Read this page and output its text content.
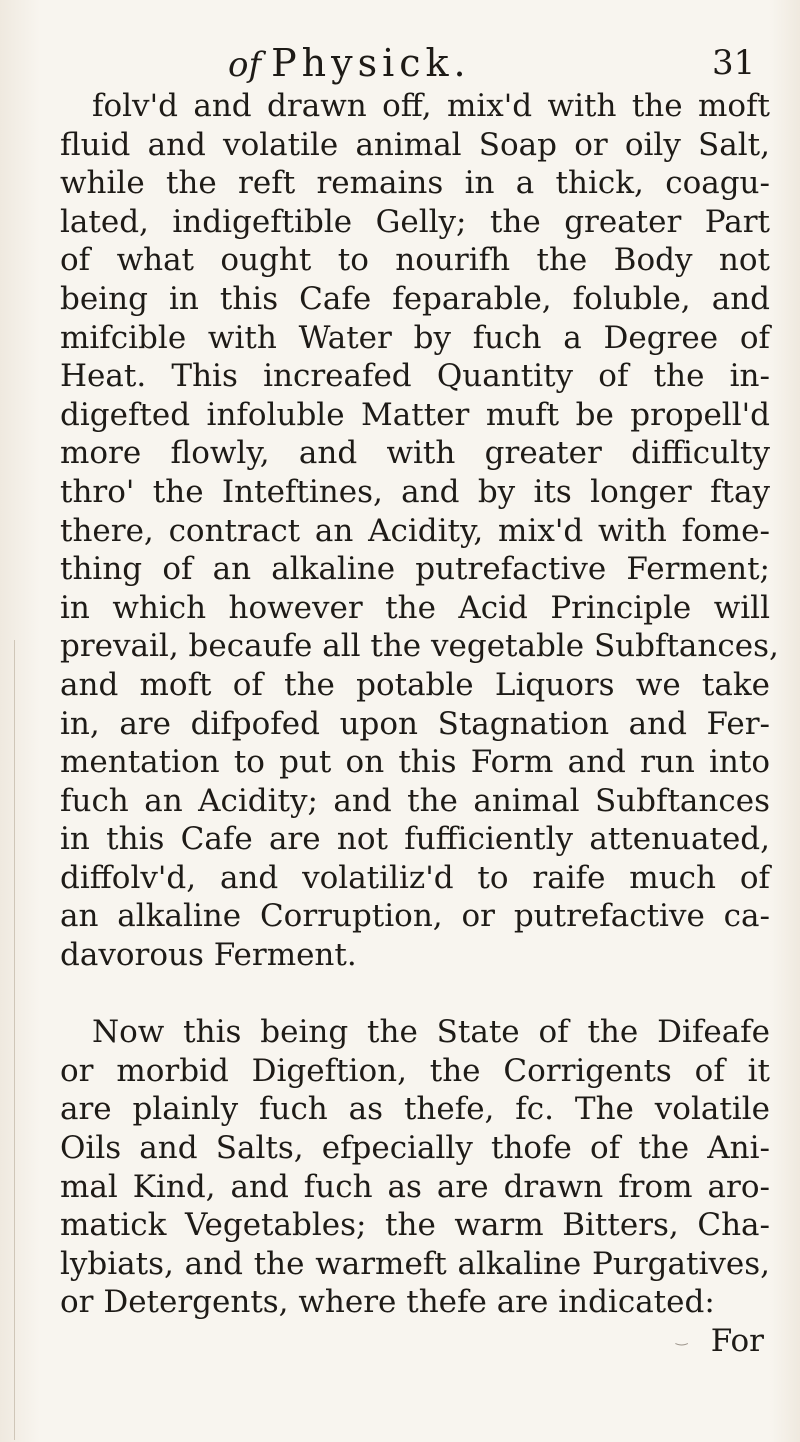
of Physick.	31
folv'd and drawn off, mix'd with the moft
fluid and volatile animal Soap or oily Salt,
while the reft remains in a thick, coagu-
lated, indigeftible Gelly; the greater Part
of what ought to nourifh the Body not
being in this Cafe feparable, foluble, and
mifcible with Water by fuch a Degree of
Heat. This increafed Quantity of the in-
digefted infoluble Matter muft be propell'd
more flowly, and with greater difficulty
thro' the Inteftines, and by its longer ftay
there, contract an Acidity, mix'd with fome-
thing of an alkaline putrefactive Ferment;
in which however the Acid Principle will
prevail, becaufe all the vegetable Subftances,
and moft of the potable Liquors we take
in, are difpofed upon Stagnation and Fer-
mentation to put on this Form and run into
fuch an Acidity; and the animal Subftances
in this Cafe are not fufficiently attenuated,
diffolv'd, and volatiliz'd to raife much of
an alkaline Corruption, or putrefactive ca-
davorous Ferment.
Now this being the State of the Difeafe
or morbid Digeftion, the Corrigents of it
are plainly fuch as thefe, fc. The volatile
Oils and Salts, efpecially thofe of the Ani-
mal Kind, and fuch as are drawn from aro-
matick Vegetables; the warm Bitters, Cha-
lybiats, and the warmeft alkaline Purgatives,
or Detergents, where thefe are indicated:
For
‿
